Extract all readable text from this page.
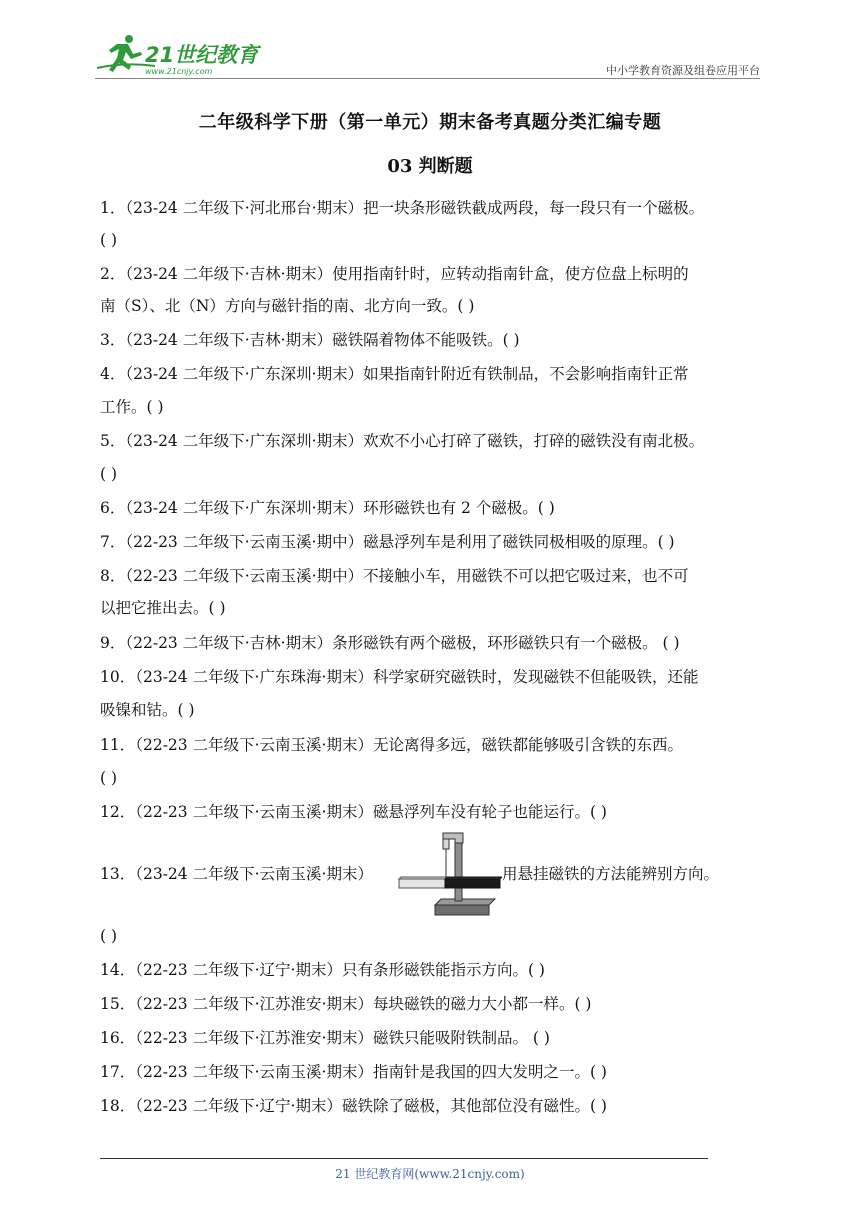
21世纪教育
www.21cnjy.com	中小学教育资源及组卷应用平台
二年级科学下册（第一单元）期末备考真题分类汇编专题
03 判断题
1．（23-24 二年级下·河北邢台·期末）把一块条形磁铁截成两段，每一段只有一个磁极。
( )
2．（23-24 二年级下·吉林·期末）使用指南针时，应转动指南针盒，使方位盘上标明的
南（S）、北（N）方向与磁针指的南、北方向一致。( )
3．（23-24 二年级下·吉林·期末）磁铁隔着物体不能吸铁。( )
4．（23-24 二年级下·广东深圳·期末）如果指南针附近有铁制品，不会影响指南针正常
工作。( )
5．（23-24 二年级下·广东深圳·期末）欢欢不小心打碎了磁铁，打碎的磁铁没有南北极。
( )
6．（23-24 二年级下·广东深圳·期末）环形磁铁也有 2 个磁极。( )
7．（22-23 二年级下·云南玉溪·期中）磁悬浮列车是利用了磁铁同极相吸的原理。( )
8．（22-23 二年级下·云南玉溪·期中）不接触小车，用磁铁不可以把它吸过来，也不可
以把它推出去。( )
9．（22-23 二年级下·吉林·期末）条形磁铁有两个磁极，环形磁铁只有一个磁极。 ( )
10．（23-24 二年级下·广东珠海·期末）科学家研究磁铁时，发现磁铁不但能吸铁，还能
吸镍和钴。( )
11．（22-23 二年级下·云南玉溪·期末）无论离得多远，磁铁都能够吸引含铁的东西。
( )
12．（22-23 二年级下·云南玉溪·期末）磁悬浮列车没有轮子也能运行。( )
13．（23-24 二年级下·云南玉溪·期末）	用悬挂磁铁的方法能辨别方向。
( )
14．（22-23 二年级下·辽宁·期末）只有条形磁铁能指示方向。( )
15．（22-23 二年级下·江苏淮安·期末）每块磁铁的磁力大小都一样。( )
16．（22-23 二年级下·江苏淮安·期末）磁铁只能吸附铁制品。 ( )
17．（22-23 二年级下·云南玉溪·期末）指南针是我国的四大发明之一。( )
18．（22-23 二年级下·辽宁·期末）磁铁除了磁极，其他部位没有磁性。( )
21 世纪教育网(www.21cnjy.com)
